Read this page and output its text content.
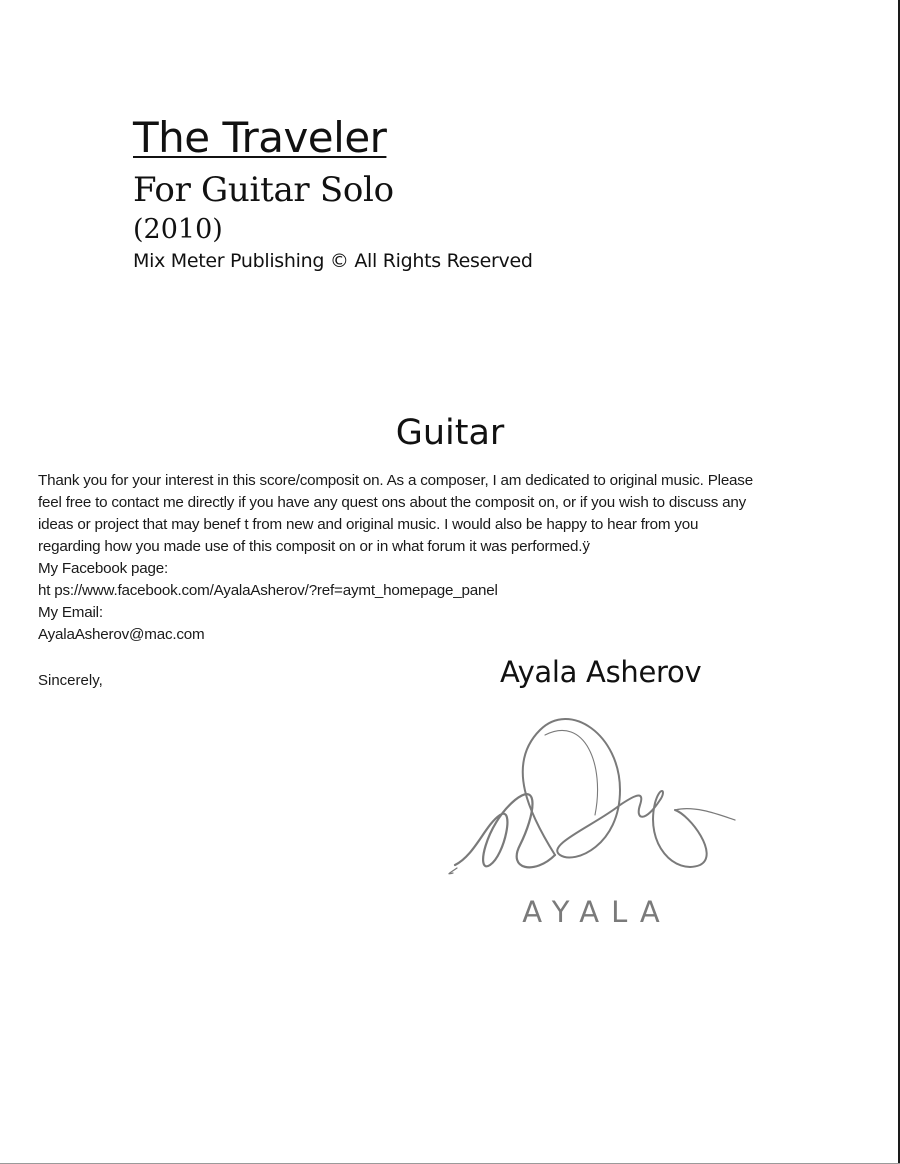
The Traveler
For Guitar Solo
(2010)
Mix Meter Publishing © All Rights Reserved
Guitar

Thank you for your interest in this score/composit on. As a composer, I am dedicated to original music. Please

feel free to contact me directly if you have any quest ons about the composit on, or if you wish to discuss any

ideas or project that may benef t from new and original music. I would also be happy to hear from you

regarding how you made use of this composit on or in what forum it was performed.ÿ

My Facebook page:

ht ps://www.facebook.com/AyalaAsherov/?ref=aymt_homepage_panel

My Email:

AyalaAsherov@mac.com

Sincerely,	Ayala Asherov
AYALA
